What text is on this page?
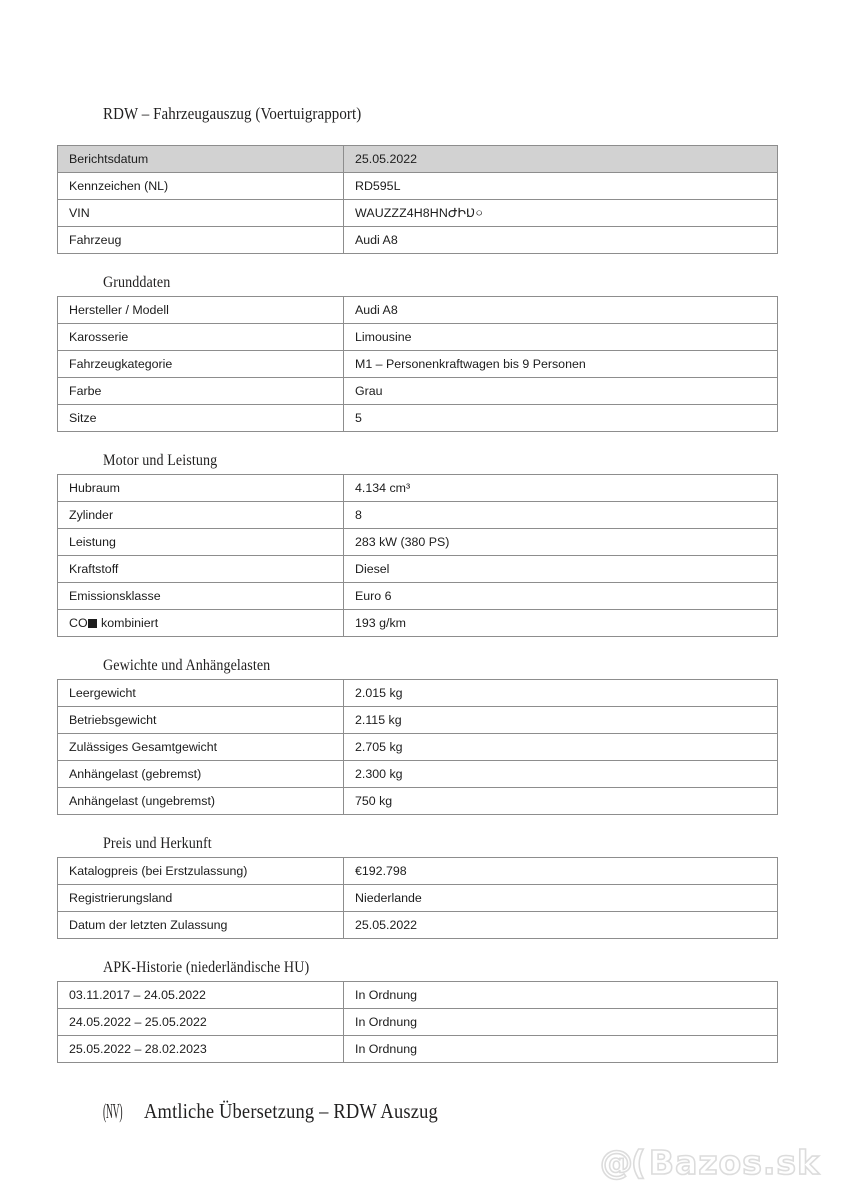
RDW – Fahrzeugauszug (Voertuigrapport)
Berichtsdatum	25.05.2022
Kennzeichen (NL)	RD595L
VIN	WAUZZZ4H8HNԺԻ׃Ʋ০
Fahrzeug	Audi A8
Grunddaten
Hersteller / Modell	Audi A8
Karosserie	Limousine
Fahrzeugkategorie	M1 – Personenkraftwagen bis 9 Personen
Farbe	Grau
Sitze	5
Motor und Leistung
Hubraum	4.134 cm³
Zylinder	8
Leistung	283 kW (380 PS)
Kraftstoff	Diesel
Emissionsklasse	Euro 6
CO kombiniert	193 g/km
Gewichte und Anhängelasten
Leergewicht	2.015 kg
Betriebsgewicht	2.115 kg
Zulässiges Gesamtgewicht	2.705 kg
Anhängelast (gebremst)	2.300 kg
Anhängelast (ungebremst)	750 kg
Preis und Herkunft
Katalogpreis (bei Erstzulassung)	€192.798
Registrierungsland	Niederlande
Datum der letzten Zulassung	25.05.2022
APK-Historie (niederländische HU)
03.11.2017 – 24.05.2022	In Ordnung
24.05.2022 – 25.05.2022	In Ordnung
25.05.2022 – 28.02.2023	In Ordnung
(NV) Amtliche Übersetzung – RDW Auszug
@( Bazos.sk
